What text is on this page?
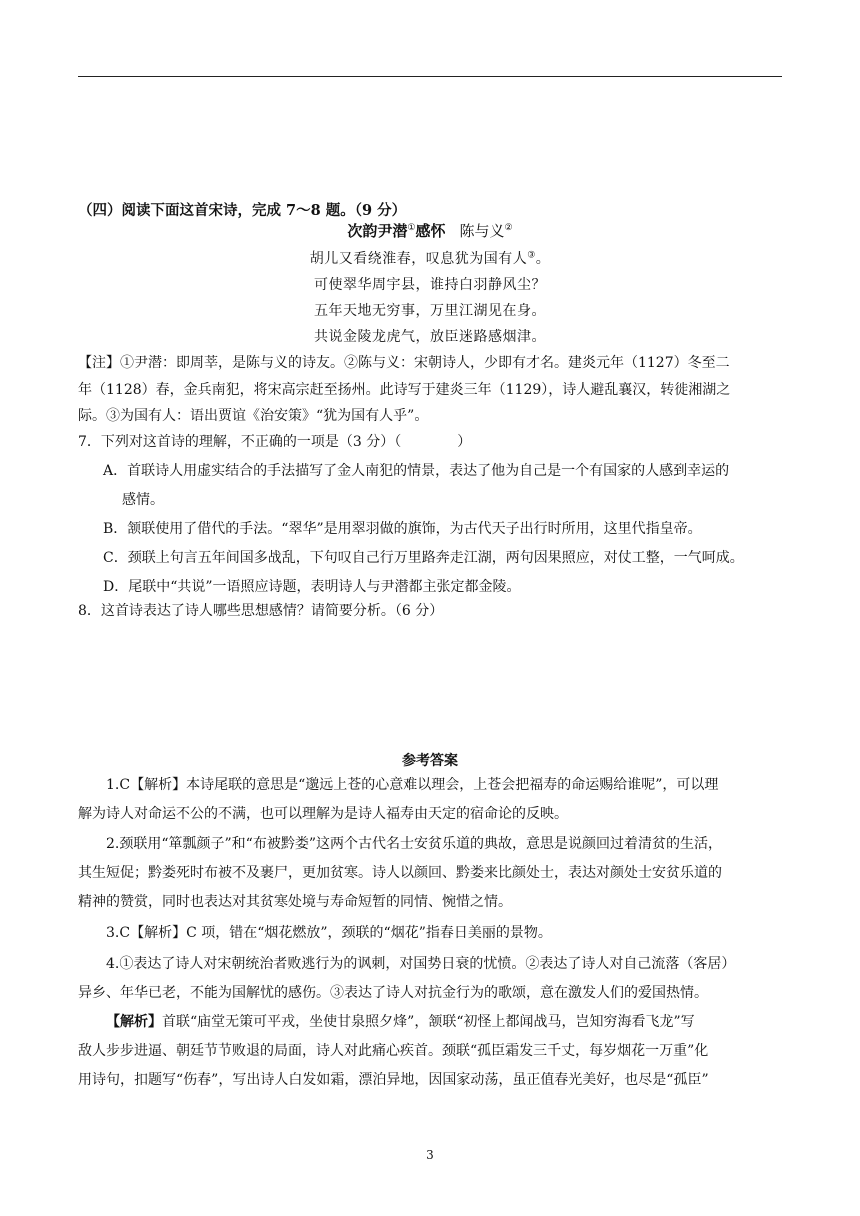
（四）阅读下面这首宋诗，完成 7～8 题。（9 分）
次韵尹潜①感怀 陈与义②
胡儿又看绕淮春，叹息犹为国有人③。
可使翠华周宇县，谁持白羽静风尘？
五年天地无穷事，万里江湖见在身。
共说金陵龙虎气，放臣迷路感烟津。
【注】①尹潜：即周莘，是陈与义的诗友。②陈与义：宋朝诗人，少即有才名。建炎元年（1127）冬至二
年（1128）春，金兵南犯，将宋高宗赶至扬州。此诗写于建炎三年（1129），诗人避乱襄汉，转徙湘湖之
际。③为国有人：语出贾谊《治安策》“犹为国有人乎”。
7．下列对这首诗的理解，不正确的一项是（3 分）（　　　　）
A．首联诗人用虚实结合的手法描写了金人南犯的情景，表达了他为自己是一个有国家的人感到幸运的
感情。
B．颔联使用了借代的手法。“翠华”是用翠羽做的旗饰，为古代天子出行时所用，这里代指皇帝。
C．颈联上句言五年间国多战乱，下句叹自己行万里路奔走江湖，两句因果照应，对仗工整，一气呵成。
D．尾联中“共说”一语照应诗题，表明诗人与尹潜都主张定都金陵。
8．这首诗表达了诗人哪些思想感情？请简要分析。（6 分）
参考答案
1.C【解析】本诗尾联的意思是“邈远上苍的心意难以理会，上苍会把福寿的命运赐给谁呢”，可以理
解为诗人对命运不公的不满，也可以理解为是诗人福寿由天定的宿命论的反映。
2.颈联用“箪瓢颜子”和“布被黔娄”这两个古代名士安贫乐道的典故，意思是说颜回过着清贫的生活，
其生短促；黔娄死时布被不及裹尸，更加贫寒。诗人以颜回、黔娄来比颜处士，表达对颜处士安贫乐道的
精神的赞赏，同时也表达对其贫寒处境与寿命短暂的同情、惋惜之情。
3.C【解析】C 项，错在“烟花燃放”，颈联的“烟花”指春日美丽的景物。
4.①表达了诗人对宋朝统治者败逃行为的讽刺，对国势日衰的忧愤。②表达了诗人对自己流落（客居）
异乡、年华已老，不能为国解忧的感伤。③表达了诗人对抗金行为的歌颂，意在激发人们的爱国热情。
【解析】首联“庙堂无策可平戎，坐使甘泉照夕烽”，颔联“初怪上都闻战马，岂知穷海看飞龙”写
敌人步步进逼、朝廷节节败退的局面，诗人对此痛心疾首。颈联“孤臣霜发三千丈，每岁烟花一万重”化
用诗句，扣题写“伤春”，写出诗人白发如霜，漂泊异地，因国家动荡，虽正值春光美好，也尽是“孤臣”
3
